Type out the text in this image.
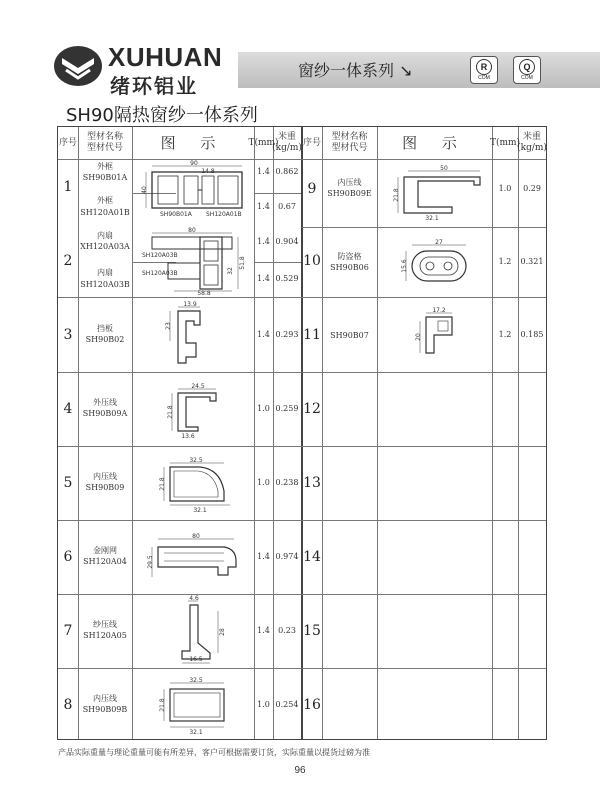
XUHUAN
绪环铝业
窗纱一体系列 ↘	R
COM
Q
COM
SH90隔热窗纱一体系列
序号
型材名称型材代号	图 示	T(mm)
米重(kg/m)
序号
型材名称型材代号	图 示	T(mm)
米重(kg/m)
1
外框
SH90B01A
1.4 0.862
外框
SH120A01B
1.4	0.67
2
内扇
XH120A03A
1.4 0.904
内扇
SH120A03B
1.4 0.529
3	挡板
SH90B02
1.4 0.293
4	外压线
SH90B09A
1.0 0.259
5	内压线
SH90B09
1.0 0.238
6	金刚网
SH120A04
1.4 0.974
7	纱压线
SH120A05
1.4	0.23
8	内压线
SH90B09B
1.0 0.254
9	内压线
SH90B09E
1.0	0.29
10	防盗格
SH90B06
1.2	0.321
11	SH90B07	1.2	0.185
12
13
14
15
16
90
14.8
40
SH90B01A SH120A01B
80
51.8
32
58.8
SH120A03B
SH120A03B
13.9
23
24.5
21.8
13.6
32.5
21.8
32.1
80
29.5
4.6
28
16.5
32.5
21.8
32.1
50
21.8
32.1
27
15.6
17.2
20
产品实际重量与理论重量可能有所差异，客户可根据需要订货，实际重量以提货过磅为准
96
